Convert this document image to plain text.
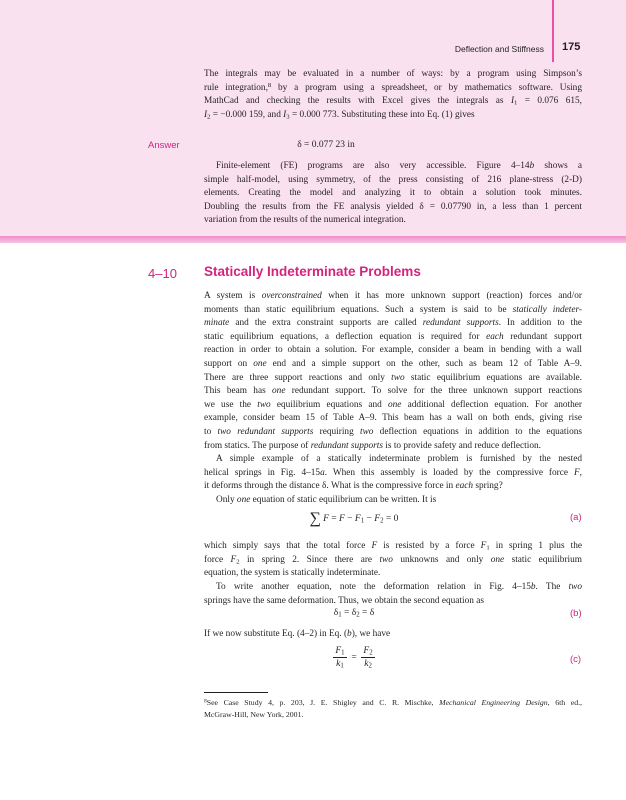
Deflection and Stiffness 175
The integrals may be evaluated in a number of ways: by a program using Simpson’s
rule integration,$^8$ by a program using a spreadsheet, or by mathematics software. Using
MathCad and checking the results with Excel gives the integrals as $I_1 = 0.076$ 615,
$I_2 = -0.000$ 159, and $I_3 = 0.000$ 773. Substituting these into Eq. (1) gives
Answer	δ = 0.077 23 in
Finite-element (FE) programs are also very accessible. Figure 4–14b shows a
simple half-model, using symmetry, of the press consisting of 216 plane-stress (2-D)
elements. Creating the model and analyzing it to obtain a solution took minutes.
Doubling the results from the FE analysis yielded δ = 0.07790 in, a less than 1 percent
variation from the results of the numerical integration.
4–10 Statically Indeterminate Problems
A system is overconstrained when it has more unknown support (reaction) forces and/or
moments than static equilibrium equations. Such a system is said to be statically indeter-
minate and the extra constraint supports are called redundant supports. In addition to the
static equilibrium equations, a deflection equation is required for each redundant support
reaction in order to obtain a solution. For example, consider a beam in bending with a wall
support on one end and a simple support on the other, such as beam 12 of Table A–9.
There are three support reactions and only two static equilibrium equations are available.
This beam has one redundant support. To solve for the three unknown support reactions
we use the two equilibrium equations and one additional deflection equation. For another
example, consider beam 15 of Table A–9. This beam has a wall on both ends, giving rise
to two redundant supports requiring two deflection equations in addition to the equations
from statics. The purpose of redundant supports is to provide safety and reduce deflection.
A simple example of a statically indeterminate problem is furnished by the nested
helical springs in Fig. 4–15a. When this assembly is loaded by the compressive force F,
it deforms through the distance δ. What is the compressive force in each spring?
Only one equation of static equilibrium can be written. It is
∑ $F = F - F_1 - F_2 = 0$	(a)
which simply says that the total force F is resisted by a force $F_1$ in spring 1 plus the
force $F_2$ in spring 2. Since there are two unknowns and only one static equilibrium
equation, the system is statically indeterminate.
To write another equation, note the deformation relation in Fig. 4–15b. The two
springs have the same deformation. Thus, we obtain the second equation as
$\delta_1 = \delta_2 = \delta$	(b)
If we now substitute Eq. (4–2) in Eq. (b), we have
$\frac{F_1}{k_1} = \frac{F_2}{k_2}$	(c)
$^8$See Case Study 4, p. 203, J. E. Shigley and C. R. Mischke, Mechanical Engineering Design, 6th ed.,
McGraw-Hill, New York, 2001.
